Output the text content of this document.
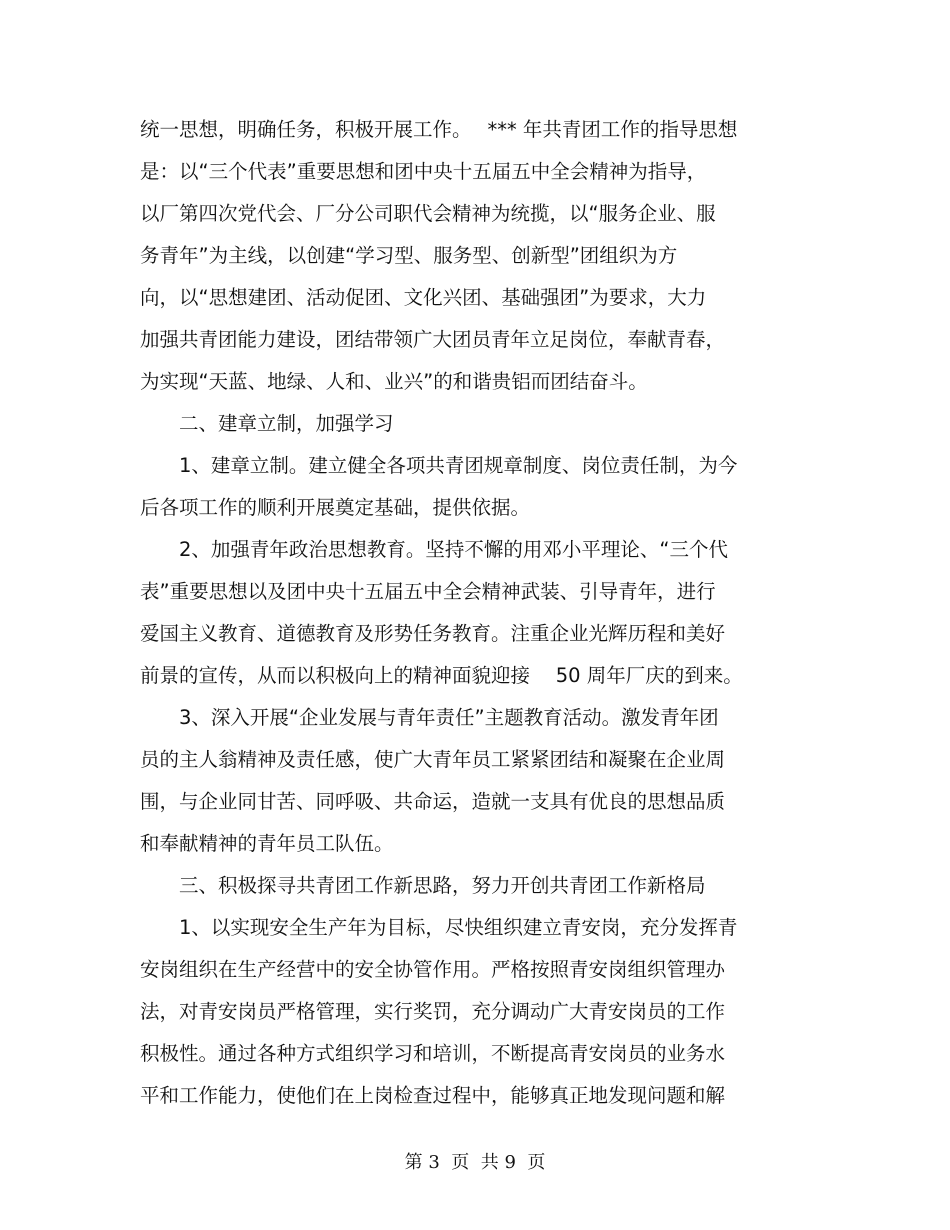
统一思想，明确任务，积极开展工作。　 *** 年共青团工作的指导思想
是：以“三个代表”重要思想和团中央十五届五中全会精神为指导，
以厂第四次党代会、厂分公司职代会精神为统揽，以“服务企业、服
务青年”为主线，以创建“学习型、服务型、创新型”团组织为方
向，以“思想建团、活动促团、文化兴团、基础强团”为要求，大力
加强共青团能力建设，团结带领广大团员青年立足岗位，奉献青春，
为实现“天蓝、地绿、人和、业兴”的和谐贵铝而团结奋斗。
　　二、建章立制，加强学习
　　1、建章立制。建立健全各项共青团规章制度、岗位责任制，为今
后各项工作的顺利开展奠定基础，提供依据。
　　2、加强青年政治思想教育。坚持不懈的用邓小平理论、“三个代
表”重要思想以及团中央十五届五中全会精神武装、引导青年，进行
爱国主义教育、道德教育及形势任务教育。注重企业光辉历程和美好
前景的宣传，从而以积极向上的精神面貌迎接　 50 周年厂庆的到来。
　　3、深入开展“企业发展与青年责任”主题教育活动。激发青年团
员的主人翁精神及责任感，使广大青年员工紧紧团结和凝聚在企业周
围，与企业同甘苦、同呼吸、共命运，造就一支具有优良的思想品质
和奉献精神的青年员工队伍。
　　三、积极探寻共青团工作新思路，努力开创共青团工作新格局
　　1、以实现安全生产年为目标，尽快组织建立青安岗，充分发挥青
安岗组织在生产经营中的安全协管作用。严格按照青安岗组织管理办
法，对青安岗员严格管理，实行奖罚，充分调动广大青安岗员的工作
积极性。通过各种方式组织学习和培训，不断提高青安岗员的业务水
平和工作能力，使他们在上岗检查过程中，能够真正地发现问题和解
第 3  页  共 9  页
